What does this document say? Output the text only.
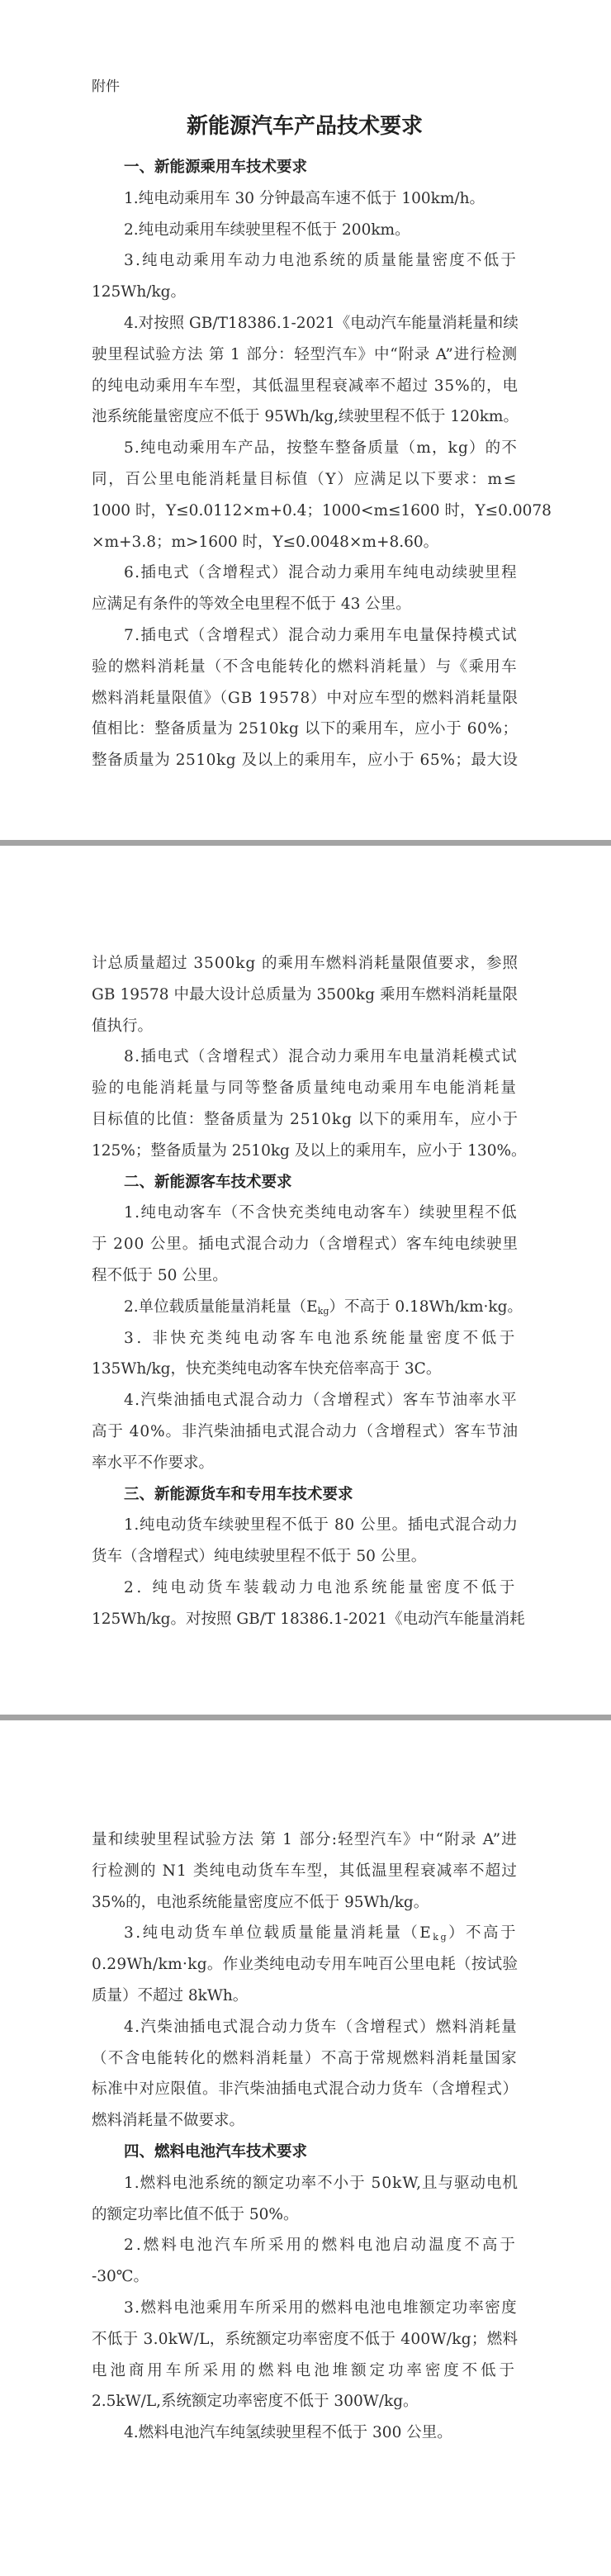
附件
新能源汽车产品技术要求
一、新能源乘用车技术要求
1.纯电动乘用车 30 分钟最高车速不低于 100km/h。
2.纯电动乘用车续驶里程不低于 200km。
3.纯电动乘用车动力电池系统的质量能量密度不低于
125Wh/kg。
4.对按照 GB/T18386.1-2021《电动汽车能量消耗量和续
驶里程试验方法 第 1 部分：轻型汽车》中“附录 A”进行检测
的纯电动乘用车车型，其低温里程衰减率不超过 35%的，电
池系统能量密度应不低于 95Wh/kg,续驶里程不低于 120km。
5.纯电动乘用车产品，按整车整备质量（m，kg）的不
同，百公里电能消耗量目标值（Y）应满足以下要求：m≤
1000 时，Y≤0.0112×m+0.4；1000<m≤1600 时，Y≤0.0078
×m+3.8；m>1600 时，Y≤0.0048×m+8.60。
6.插电式（含增程式）混合动力乘用车纯电动续驶里程
应满足有条件的等效全电里程不低于 43 公里。
7.插电式（含增程式）混合动力乘用车电量保持模式试
验的燃料消耗量（不含电能转化的燃料消耗量）与《乘用车
燃料消耗量限值》（GB 19578）中对应车型的燃料消耗量限
值相比：整备质量为 2510kg 以下的乘用车，应小于 60%；
整备质量为 2510kg 及以上的乘用车，应小于 65%；最大设
计总质量超过 3500kg 的乘用车燃料消耗量限值要求，参照
GB 19578 中最大设计总质量为 3500kg 乘用车燃料消耗量限
值执行。
8.插电式（含增程式）混合动力乘用车电量消耗模式试
验的电能消耗量与同等整备质量纯电动乘用车电能消耗量
目标值的比值：整备质量为 2510kg 以下的乘用车，应小于
125%；整备质量为 2510kg 及以上的乘用车，应小于 130%。
二、新能源客车技术要求
1.纯电动客车（不含快充类纯电动客车）续驶里程不低
于 200 公里。插电式混合动力（含增程式）客车纯电续驶里
程不低于 50 公里。
2.单位载质量能量消耗量$(E_{kg})$不高于 0.18Wh/km·kg。
3. 非快充类纯电动客车电池系统能量密度不低于
135Wh/kg，快充类纯电动客车快充倍率高于 3C。
4.汽柴油插电式混合动力（含增程式）客车节油率水平
高于 40%。非汽柴油插电式混合动力（含增程式）客车节油
率水平不作要求。
三、新能源货车和专用车技术要求
1.纯电动货车续驶里程不低于 80 公里。插电式混合动力
货车（含增程式）纯电续驶里程不低于 50 公里。
2. 纯电动货车装载动力电池系统能量密度不低于
125Wh/kg。对按照 GB/T 18386.1-2021《电动汽车能量消耗
量和续驶里程试验方法 第 1 部分:轻型汽车》中“附录 A”进
行检测的 N1 类纯电动货车车型，其低温里程衰减率不超过
35%的，电池系统能量密度应不低于 95Wh/kg。
3.纯电动货车单位载质量能量消耗量$(E_{kg})$不高于
0.29Wh/km·kg。作业类纯电动专用车吨百公里电耗（按试验
质量）不超过 8kWh。
4.汽柴油插电式混合动力货车（含增程式）燃料消耗量
（不含电能转化的燃料消耗量）不高于常规燃料消耗量国家
标准中对应限值。非汽柴油插电式混合动力货车（含增程式）
燃料消耗量不做要求。
四、燃料电池汽车技术要求
1.燃料电池系统的额定功率不小于 50kW,且与驱动电机
的额定功率比值不低于 50%。
2.燃料电池汽车所采用的燃料电池启动温度不高于
-30℃。
3.燃料电池乘用车所采用的燃料电池电堆额定功率密度
不低于 3.0kW/L，系统额定功率密度不低于 400W/kg；燃料
电池商用车所采用的燃料电池堆额定功率密度不低于
2.5kW/L,系统额定功率密度不低于 300W/kg。
4.燃料电池汽车纯氢续驶里程不低于 300 公里。
